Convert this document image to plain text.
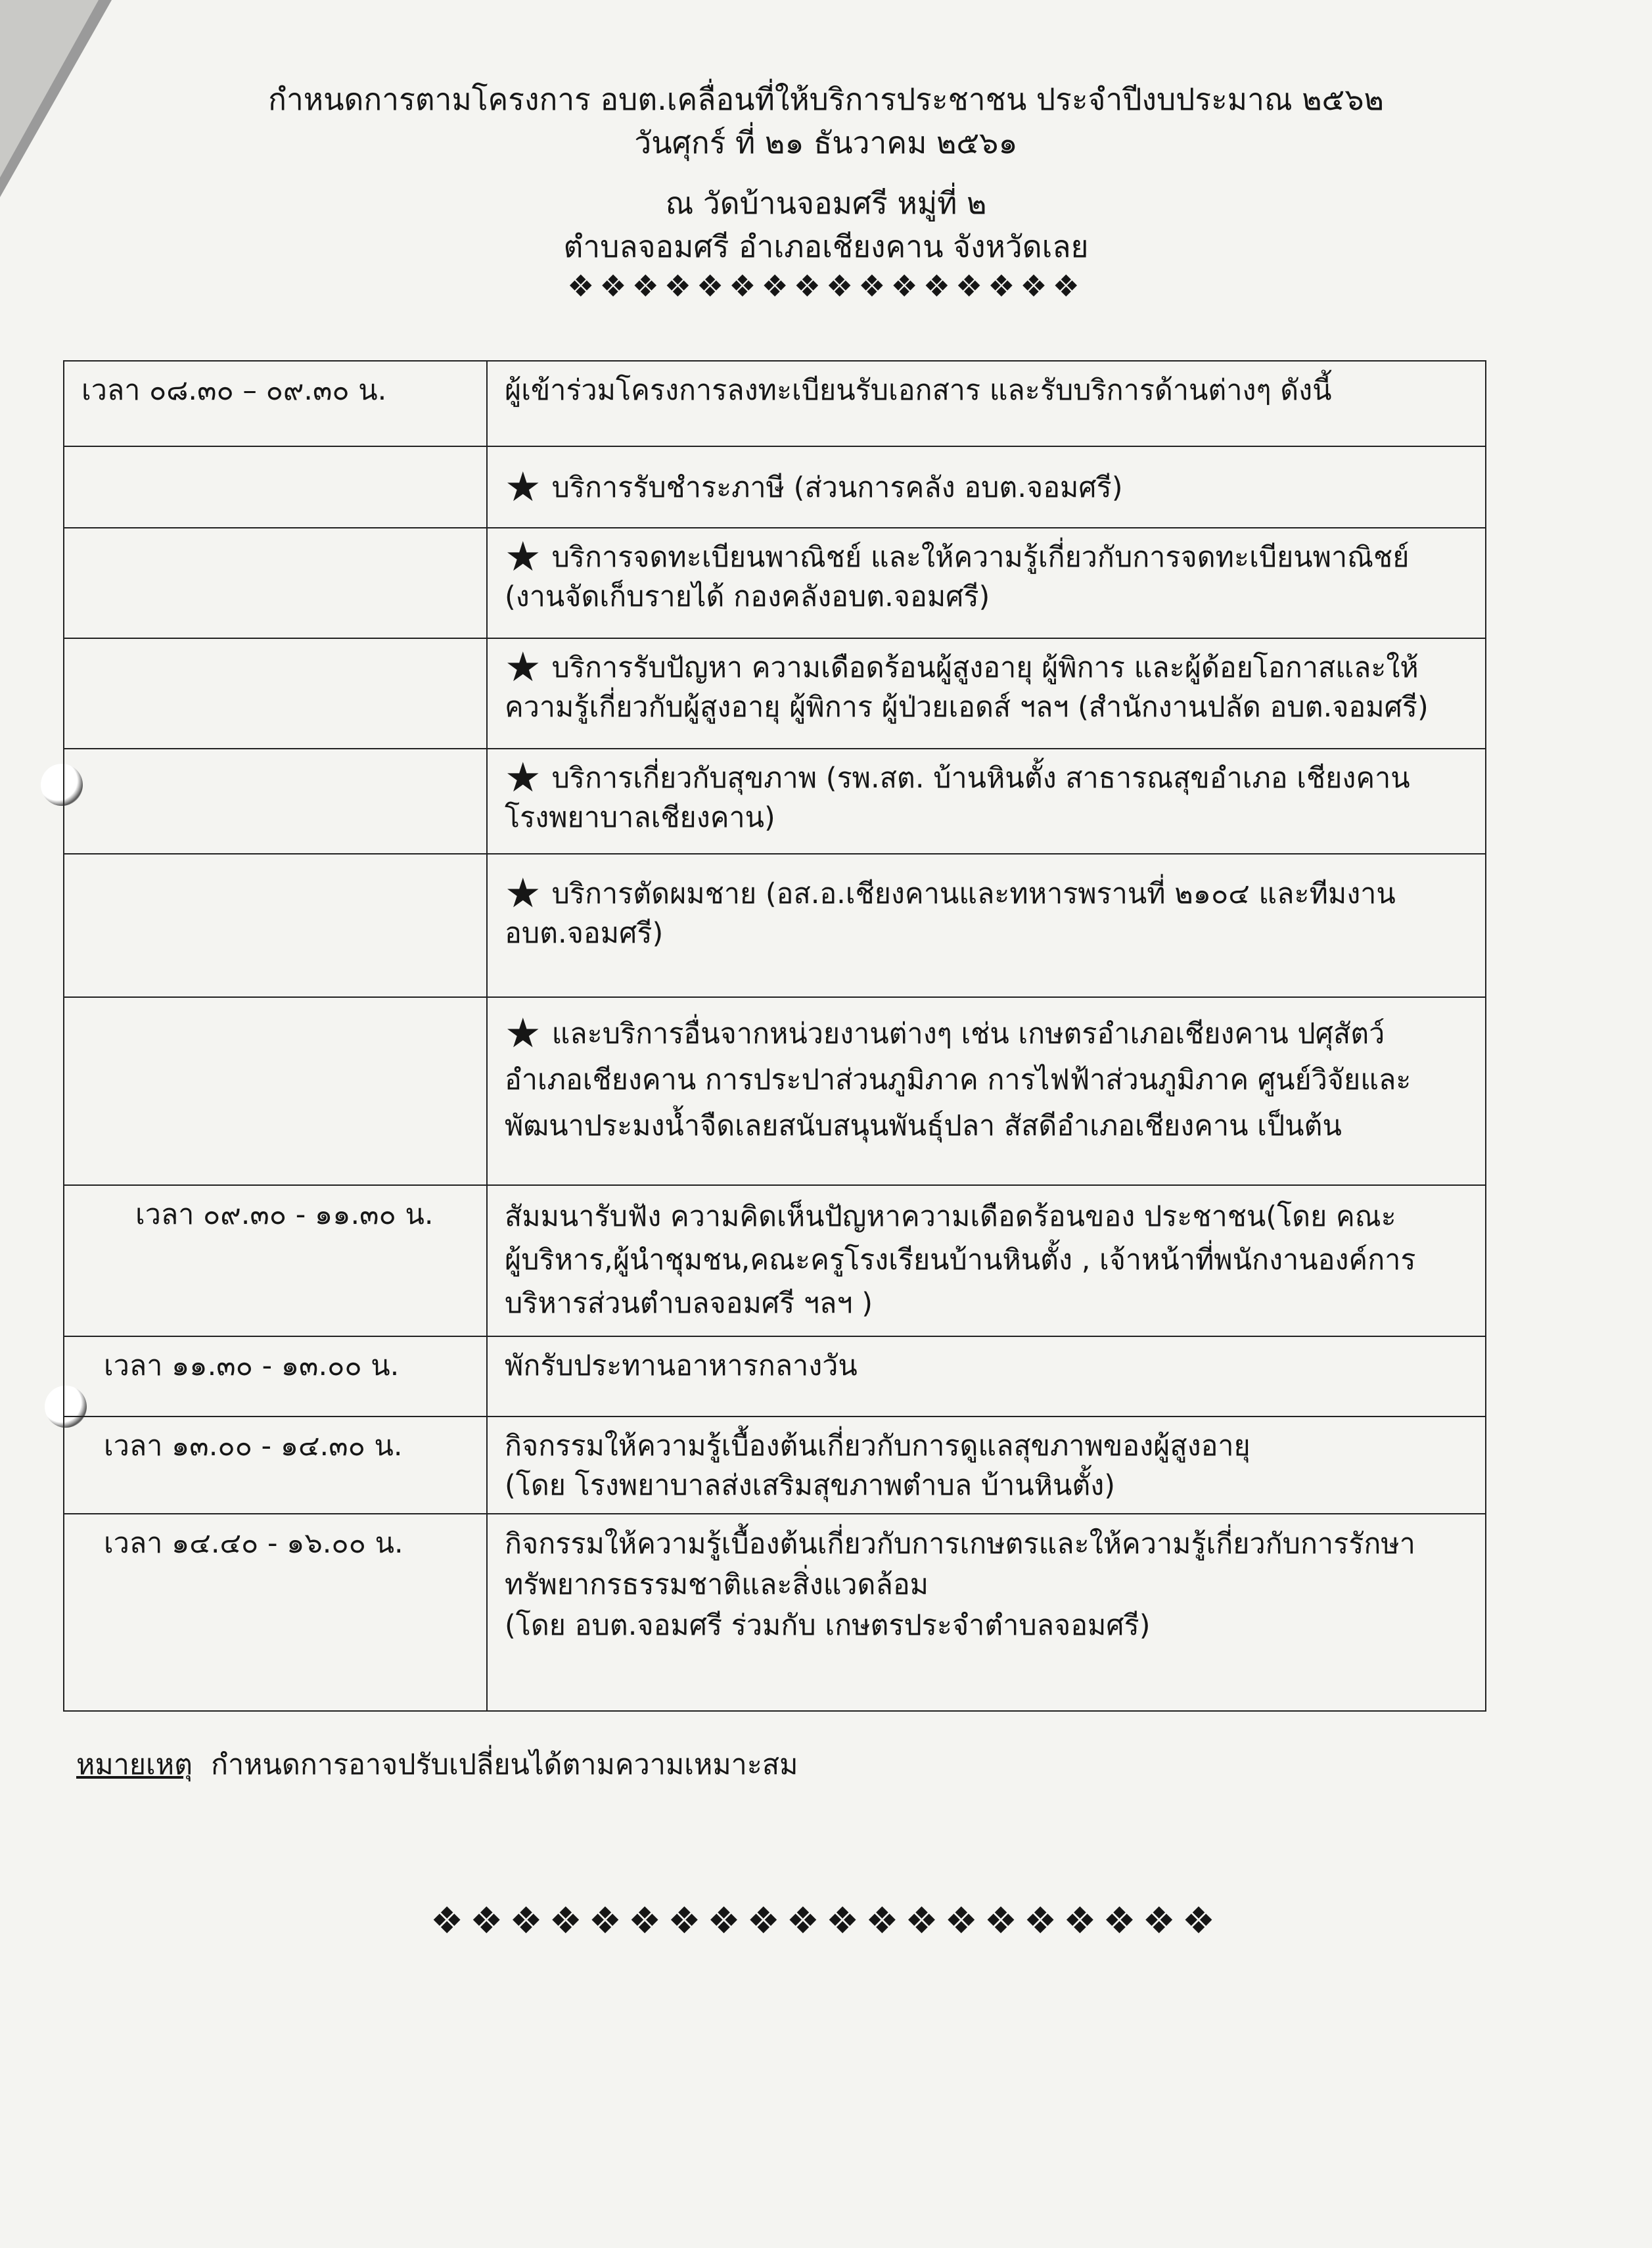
กำหนดการตามโครงการ อบต.เคลื่อนที่ให้บริการประชาชน ประจำปีงบประมาณ ๒๕๖๒
วันศุกร์ ที่ ๒๑ ธันวาคม ๒๕๖๑
ณ วัดบ้านจอมศรี หมู่ที่ ๒
ตำบลจอมศรี อำเภอเชียงคาน จังหวัดเลย
❖❖❖❖❖❖❖❖❖❖❖❖❖❖❖❖
เวลา ๐๘.๓๐ – ๐๙.๓๐ น.	ผู้เข้าร่วมโครงการลงทะเบียนรับเอกสาร และรับบริการด้านต่างๆ ดังนี้

	★ บริการรับชำระภาษี (ส่วนการคลัง อบต.จอมศรี)

	★ บริการจดทะเบียนพาณิชย์ และให้ความรู้เกี่ยวกับการจดทะเบียนพาณิชย์
(งานจัดเก็บรายได้ กองคลังอบต.จอมศรี)

	★ บริการรับปัญหา ความเดือดร้อนผู้สูงอายุ ผู้พิการ และผู้ด้อยโอกาสและให้
ความรู้เกี่ยวกับผู้สูงอายุ ผู้พิการ ผู้ป่วยเอดส์ ฯลฯ (สำนักงานปลัด อบต.จอมศรี)

	★ บริการเกี่ยวกับสุขภาพ (รพ.สต. บ้านหินตั้ง สาธารณสุขอำเภอ เชียงคาน
โรงพยาบาลเชียงคาน)

	★ บริการตัดผมชาย (อส.อ.เชียงคานและทหารพรานที่ ๒๑๐๔ และทีมงาน
อบต.จอมศรี)

	★ และบริการอื่นจากหน่วยงานต่างๆ เช่น เกษตรอำเภอเชียงคาน ปศุสัตว์
อำเภอเชียงคาน การประปาส่วนภูมิภาค การไฟฟ้าส่วนภูมิภาค ศูนย์วิจัยและ
พัฒนาประมงน้ำจืดเลยสนับสนุนพันธุ์ปลา สัสดีอำเภอเชียงคาน เป็นต้น

เวลา ๐๙.๓๐ - ๑๑.๓๐ น.	สัมมนารับฟัง ความคิดเห็นปัญหาความเดือดร้อนของ ประชาชน(โดย คณะ
ผู้บริหาร,ผู้นำชุมชน,คณะครูโรงเรียนบ้านหินตั้ง , เจ้าหน้าที่พนักงานองค์การ
บริหารส่วนตำบลจอมศรี ฯลฯ )

เวลา ๑๑.๓๐ - ๑๓.๐๐ น.	พักรับประทานอาหารกลางวัน

เวลา ๑๓.๐๐ - ๑๔.๓๐ น.	กิจกรรมให้ความรู้เบื้องต้นเกี่ยวกับการดูแลสุขภาพของผู้สูงอายุ
(โดย โรงพยาบาลส่งเสริมสุขภาพตำบล บ้านหินตั้ง)

เวลา ๑๔.๔๐ - ๑๖.๐๐ น.	กิจกรรมให้ความรู้เบื้องต้นเกี่ยวกับการเกษตรและให้ความรู้เกี่ยวกับการรักษา
ทรัพยากรธรรมชาติและสิ่งแวดล้อม
(โดย อบต.จอมศรี ร่วมกับ เกษตรประจำตำบลจอมศรี)
หมายเหตุ กำหนดการอาจปรับเปลี่ยนได้ตามความเหมาะสม
❖❖❖❖❖❖❖❖❖❖❖❖❖❖❖❖❖❖❖❖
